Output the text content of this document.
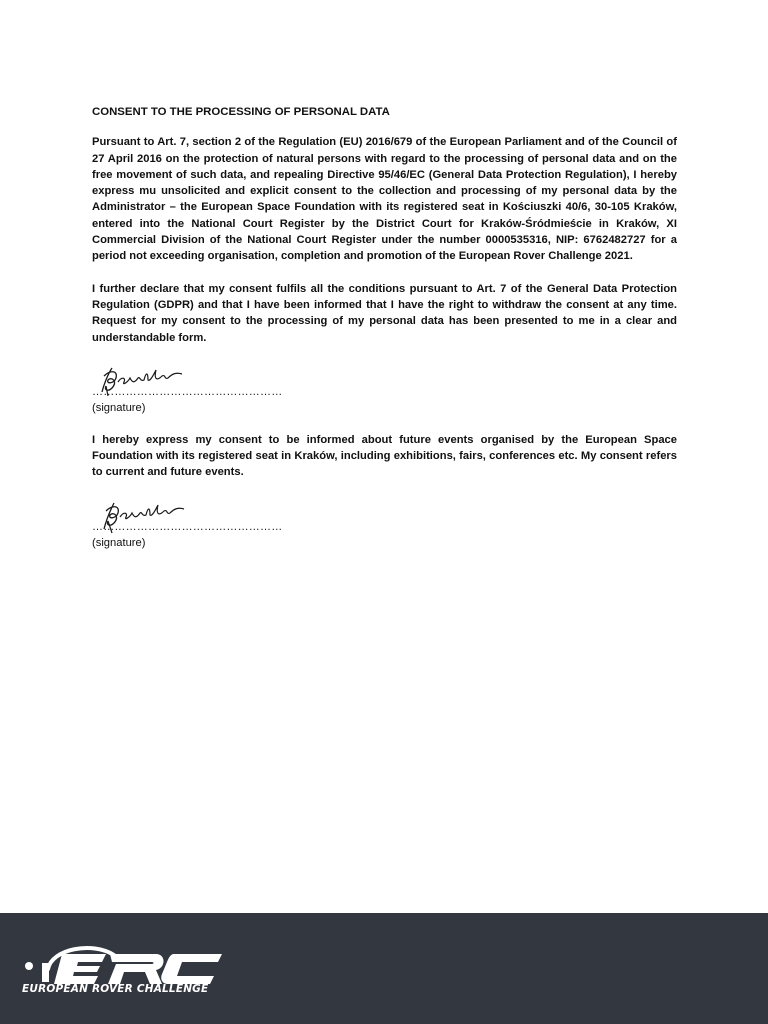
CONSENT TO THE PROCESSING OF PERSONAL DATA
Pursuant to Art. 7, section 2 of the Regulation (EU) 2016/679 of the European Parliament and of the Council of 27 April 2016 on the protection of natural persons with regard to the processing of personal data and on the free movement of such data, and repealing Directive 95/46/EC (General Data Protection Regulation), I hereby express mu unsolicited and explicit consent to the collection and processing of my personal data by the Administrator – the European Space Foundation with its registered seat in Kościuszki 40/6, 30-105 Kraków, entered into the National Court Register by the District Court for Kraków-Śródmieście in Kraków, XI Commercial Division of the National Court Register under the number 0000535316, NIP: 6762482727 for a period not exceeding organisation, completion and promotion of the European Rover Challenge 2021.
I further declare that my consent fulfils all the conditions pursuant to Art. 7 of the General Data Protection Regulation (GDPR) and that I have been informed that I have the right to withdraw the consent at any time. Request for my consent to the processing of my personal data has been presented to me in a clear and understandable form.
……………………………………………
(signature)
I hereby express my consent to be informed about future events organised by the European Space Foundation with its registered seat in Kraków, including exhibitions, fairs, conferences etc. My consent refers to current and future events.
……………………………………………
(signature)
EUROPEAN ROVER CHALLENGE
